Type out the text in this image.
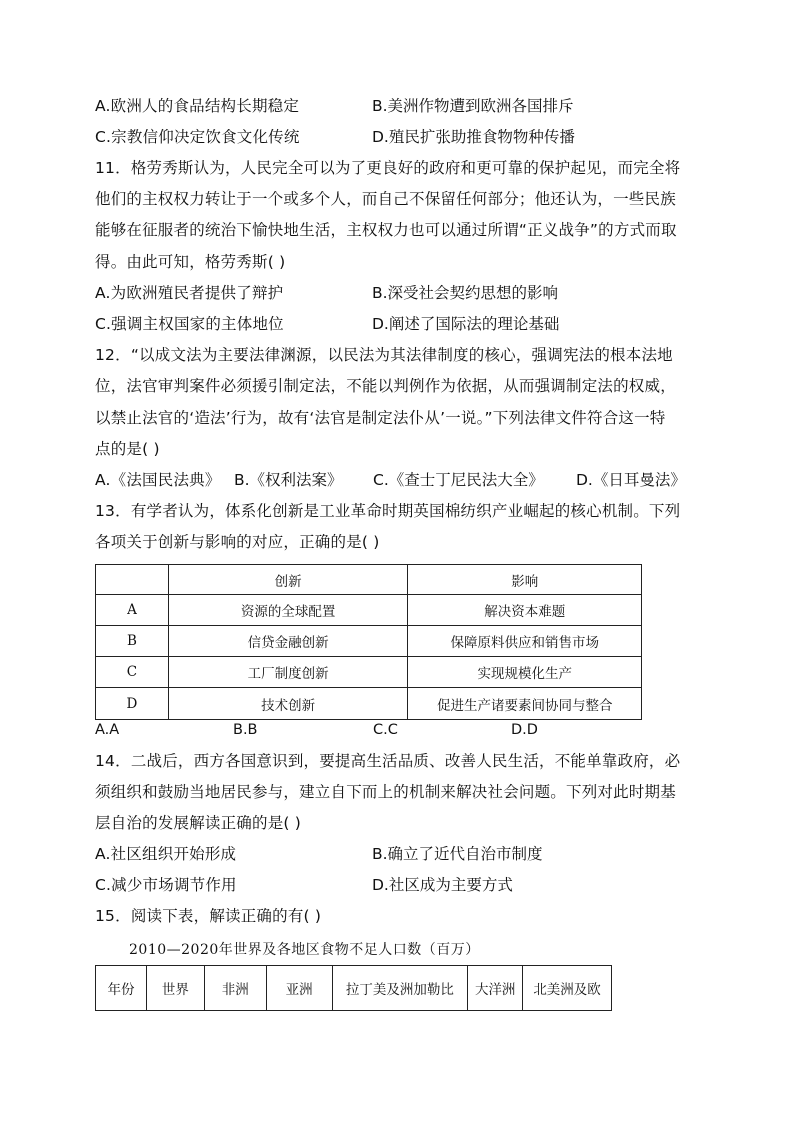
A.欧洲人的食品结构长期稳定	B.美洲作物遭到欧洲各国排斥
C.宗教信仰决定饮食文化传统	D.殖民扩张助推食物物种传播
11．格劳秀斯认为，人民完全可以为了更良好的政府和更可靠的保护起见，而完全将
他们的主权权力转让于一个或多个人，而自己不保留任何部分；他还认为，一些民族
能够在征服者的统治下愉快地生活，主权权力也可以通过所谓“正义战争”的方式而取
得。由此可知，格劳秀斯( )
A.为欧洲殖民者提供了辩护	B.深受社会契约思想的影响
C.强调主权国家的主体地位	D.阐述了国际法的理论基础
12．“以成文法为主要法律渊源，以民法为其法律制度的核心，强调宪法的根本法地
位，法官审判案件必须援引制定法，不能以判例作为依据，从而强调制定法的权威，
以禁止法官的‘造法’行为，故有‘法官是制定法仆从’一说。”下列法律文件符合这一特
点的是( )
A.《法国民法典》 B.《权利法案》 C.《查士丁尼民法大全》 D.《日耳曼法》
13．有学者认为，体系化创新是工业革命时期英国棉纺织产业崛起的核心机制。下列
各项关于创新与影响的对应，正确的是( )
	创新	影响
A	资源的全球配置	解决资本难题
B	信贷金融创新	保障原料供应和销售市场
C	工厂制度创新	实现规模化生产
D	技术创新	促进生产诸要素间协同与整合
A.A	B.B	C.C	D.D
14．二战后，西方各国意识到，要提高生活品质、改善人民生活，不能单靠政府，必
须组织和鼓励当地居民参与，建立自下而上的机制来解决社会问题。下列对此时期基
层自治的发展解读正确的是( )
A.社区组织开始形成	B.确立了近代自治市制度
C.减少市场调节作用	D.社区成为主要方式
15．阅读下表，解读正确的有( )
2010—2020年世界及各地区食物不足人口数（百万）
年份	世界	非洲	亚洲	拉丁美及洲加勒比	大洋洲	北美洲及欧
